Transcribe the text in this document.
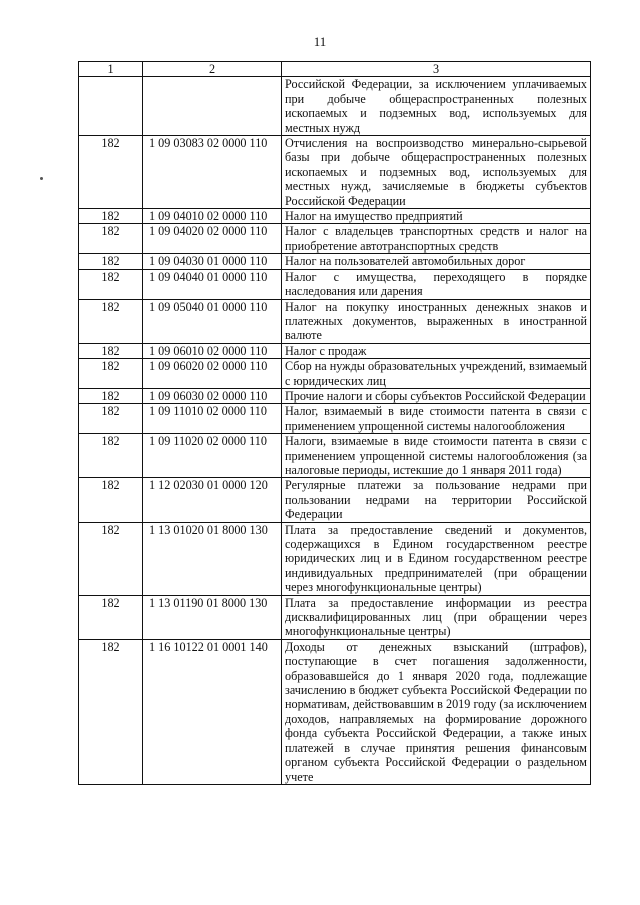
11
1	2	3
		Российской Федерации, за исключением уплачиваемых при добыче общераспространенных полезных ископаемых и подземных вод, используемых для местных нужд
182	1 09 03083 02 0000 110	Отчисления на воспроизводство минерально-сырьевой базы при добыче общераспространенных полезных ископаемых и подземных вод, используемых для местных нужд, зачисляемые в бюджеты субъектов Российской Федерации
182	1 09 04010 02 0000 110	Налог на имущество предприятий
182	1 09 04020 02 0000 110	Налог с владельцев транспортных средств и налог на приобретение автотранспортных средств
182	1 09 04030 01 0000 110	Налог на пользователей автомобильных дорог
182	1 09 04040 01 0000 110	Налог с имущества, переходящего в порядке наследования или дарения
182	1 09 05040 01 0000 110	Налог на покупку иностранных денежных знаков и платежных документов, выраженных в иностранной валюте
182	1 09 06010 02 0000 110	Налог с продаж
182	1 09 06020 02 0000 110	Сбор на нужды образовательных учреждений, взимаемый с юридических лиц
182	1 09 06030 02 0000 110	Прочие налоги и сборы субъектов Российской Федерации
182	1 09 11010 02 0000 110	Налог, взимаемый в виде стоимости патента в связи с применением упрощенной системы налогообложения
182	1 09 11020 02 0000 110	Налоги, взимаемые в виде стоимости патента в связи с применением упрощенной системы налогообложения (за налоговые периоды, истекшие до 1 января 2011 года)
182	1 12 02030 01 0000 120	Регулярные платежи за пользование недрами при пользовании недрами на территории Российской Федерации
182	1 13 01020 01 8000 130	Плата за предоставление сведений и документов, содержащихся в Едином государственном реестре юридических лиц и в Едином государственном реестре индивидуальных предпринимателей (при обращении через многофункциональные центры)
182	1 13 01190 01 8000 130	Плата за предоставление информации из реестра дисквалифицированных лиц (при обращении через многофункциональные центры)
182	1 16 10122 01 0001 140	Доходы от денежных взысканий (штрафов), поступающие в счет погашения задолженности, образовавшейся до 1 января 2020 года, подлежащие зачислению в бюджет субъекта Российской Федерации по нормативам, действовавшим в 2019 году (за исключением доходов, направляемых на формирование дорожного фонда субъекта Российской Федерации, а также иных платежей в случае принятия решения финансовым органом субъекта Российской Федерации о раздельном учете
